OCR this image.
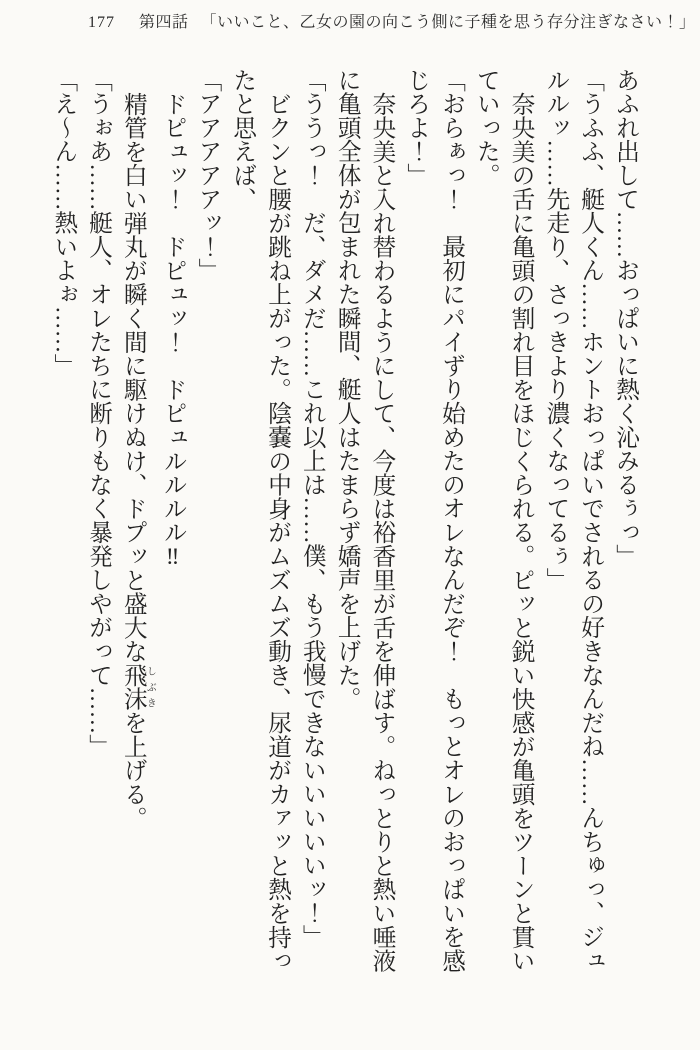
177 第四話 「いいこと、乙女の園の向こう側に子種を思う存分注ぎなさい！」

あふれ出して……おっぱいに熱く沁みるぅっ」

「うふふ、艇人くん……ホントおっぱいでされるの好きなんだね……んちゅっ、ジュルルッ……先走り、さっきより濃くなってるぅ」

奈央美の舌に亀頭の割れ目をほじくられる。ピッと鋭い快感が亀頭をツーンと貫いていった。

「おらぁっ！　最初にパイずり始めたのオレなんだぞ！　もっとオレのおっぱいを感じろよ！」

奈央美と入れ替わるようにして、今度は裕香里が舌を伸ばす。ねっとりと熱い唾液に亀頭全体が包まれた瞬間、艇人はたまらず嬌声を上げた。

「ううっ！　だ、ダメだ……これ以上は……僕、もう我慢できないいいいいッ！」

ビクンと腰が跳ね上がった。陰嚢の中身がムズムズ動き、尿道がカァッと熱を持ったと思えば、

「アアアアアッ！」

ドピュッ！　ドピュッ！　ドピュルルルル‼

精管を白い弾丸が瞬く間に駆けぬけ、ドプッと盛大な飛沫しぶきを上げる。

「うぉあ……艇人、オレたちに断りもなく暴発しやがって……」

「え〜ん……熱いよぉ……」
